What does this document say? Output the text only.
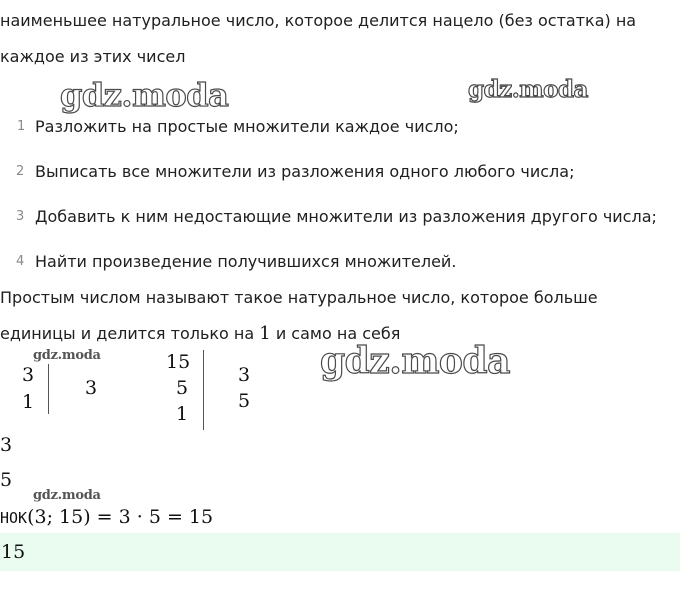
наименьшее натуральное число, которое делится нацело (без остатка) на
каждое из этих чисел
gdz.moda	gdz.moda
1 Разложить на простые множители каждое число;
2 Выписать все множители из разложения одного любого числа;
3 Добавить к ним недостающие множители из разложения другого числа;
4 Найти произведение получившихся множителей.
Простым числом называют такое натуральное число, которое больше
единицы и делится только на 1 и само на себя
gdz.moda
3
1
3
15
5
1
3
5
gdz.moda
3
5
gdz.moda
НОК(3; 15) = 3 · 5 = 15
15
